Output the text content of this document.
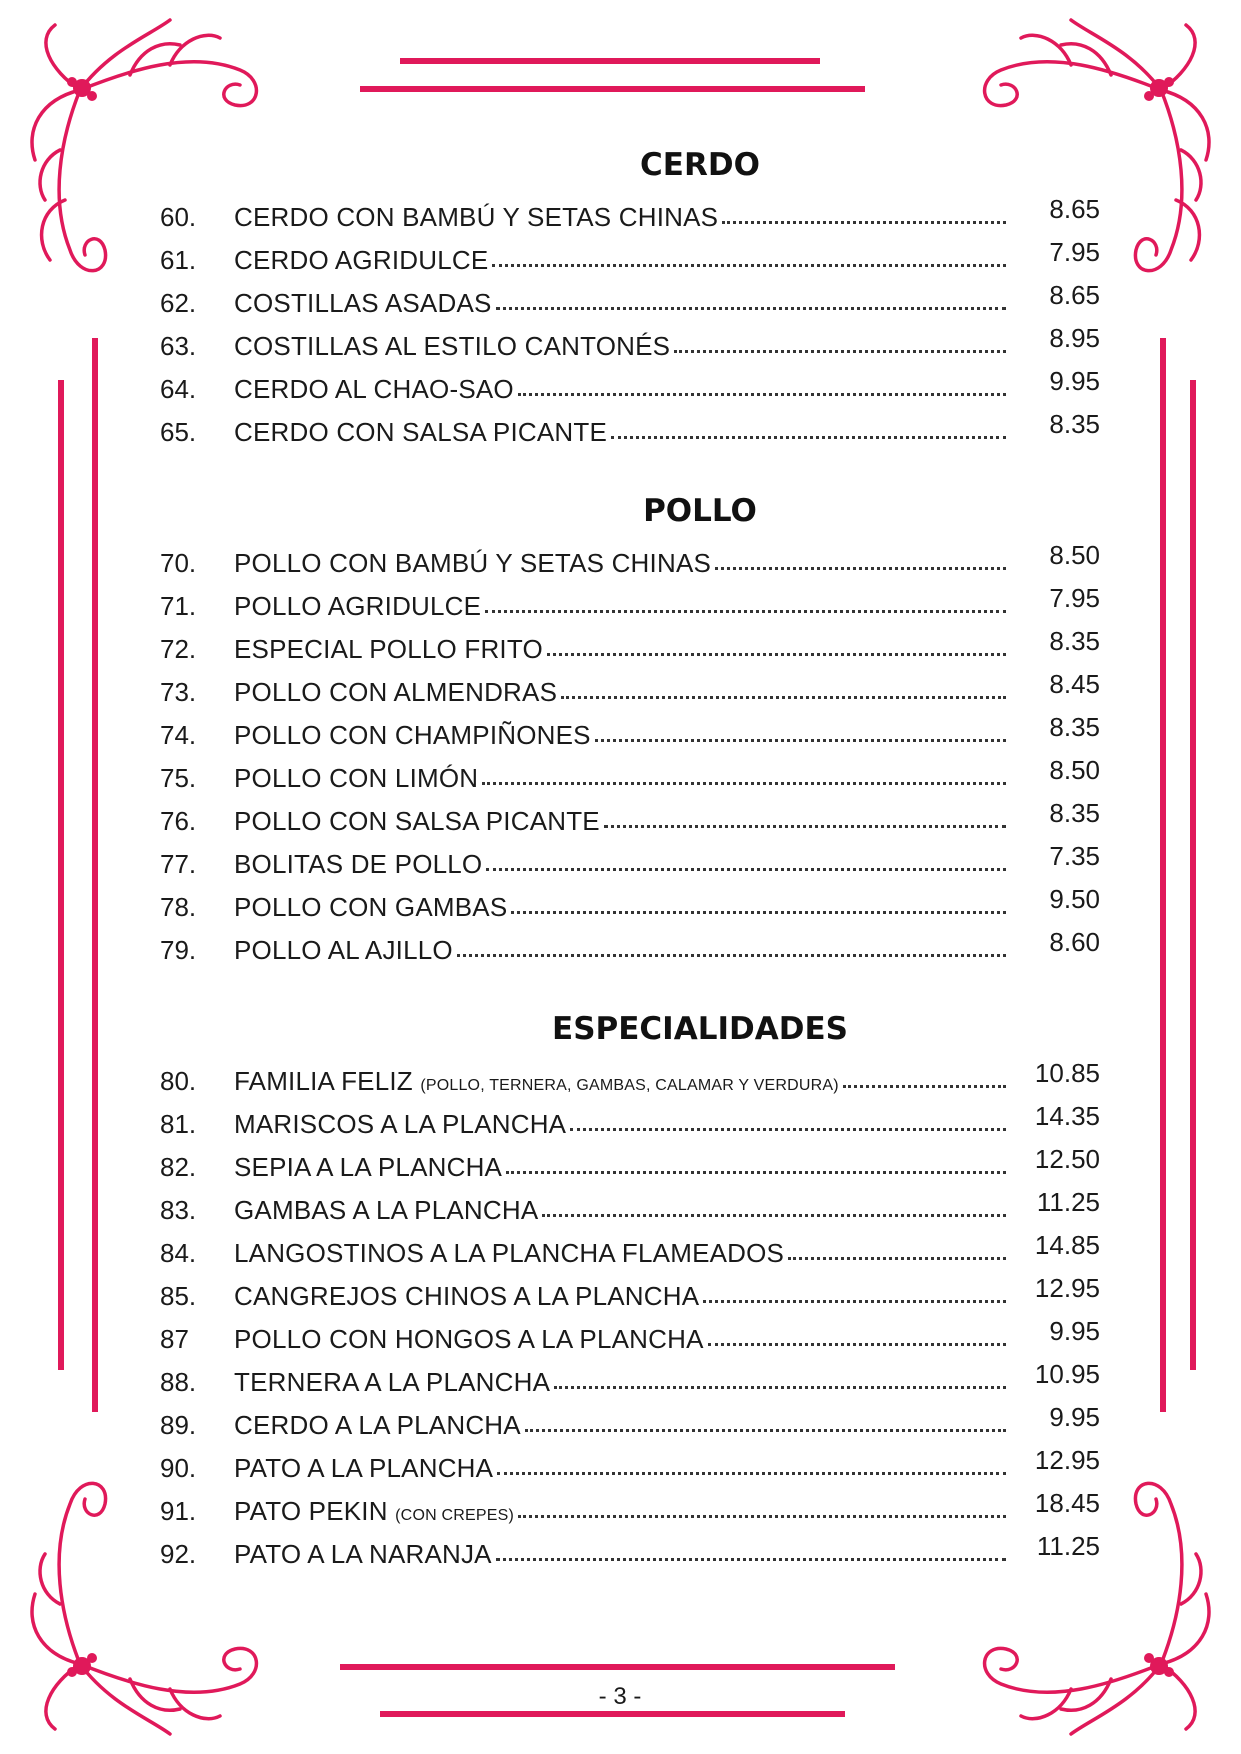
CERDO
60.	CERDO CON BAMBÚ Y SETAS CHINAS	8.65
61.	CERDO AGRIDULCE	7.95
62.	COSTILLAS ASADAS	8.65
63.	COSTILLAS AL ESTILO CANTONÉS	8.95
64.	CERDO AL CHAO-SAO	9.95
65.	CERDO CON SALSA PICANTE	8.35
POLLO
70.	POLLO CON BAMBÚ Y SETAS CHINAS	8.50
71.	POLLO AGRIDULCE	7.95
72.	ESPECIAL POLLO FRITO	8.35
73.	POLLO CON ALMENDRAS	8.45
74.	POLLO CON CHAMPIÑONES	8.35
75.	POLLO CON LIMÓN	8.50
76.	POLLO CON SALSA PICANTE	8.35
77.	BOLITAS DE POLLO	7.35
78.	POLLO CON GAMBAS	9.50
79.	POLLO AL AJILLO	8.60
ESPECIALIDADES
80.	FAMILIA FELIZ (POLLO, TERNERA, GAMBAS, CALAMAR Y VERDURA)	10.85
81.	MARISCOS A LA PLANCHA	14.35
82.	SEPIA A LA PLANCHA	12.50
83.	GAMBAS A LA PLANCHA	11.25
84.	LANGOSTINOS A LA PLANCHA FLAMEADOS	14.85
85.	CANGREJOS CHINOS A LA PLANCHA	12.95
87	POLLO CON HONGOS A LA PLANCHA	9.95
88.	TERNERA A LA PLANCHA	10.95
89.	CERDO A LA PLANCHA	9.95
90.	PATO A LA PLANCHA	12.95
91.	PATO PEKIN (CON CREPES)	18.45
92.	PATO A LA NARANJA	11.25
- 3 -
